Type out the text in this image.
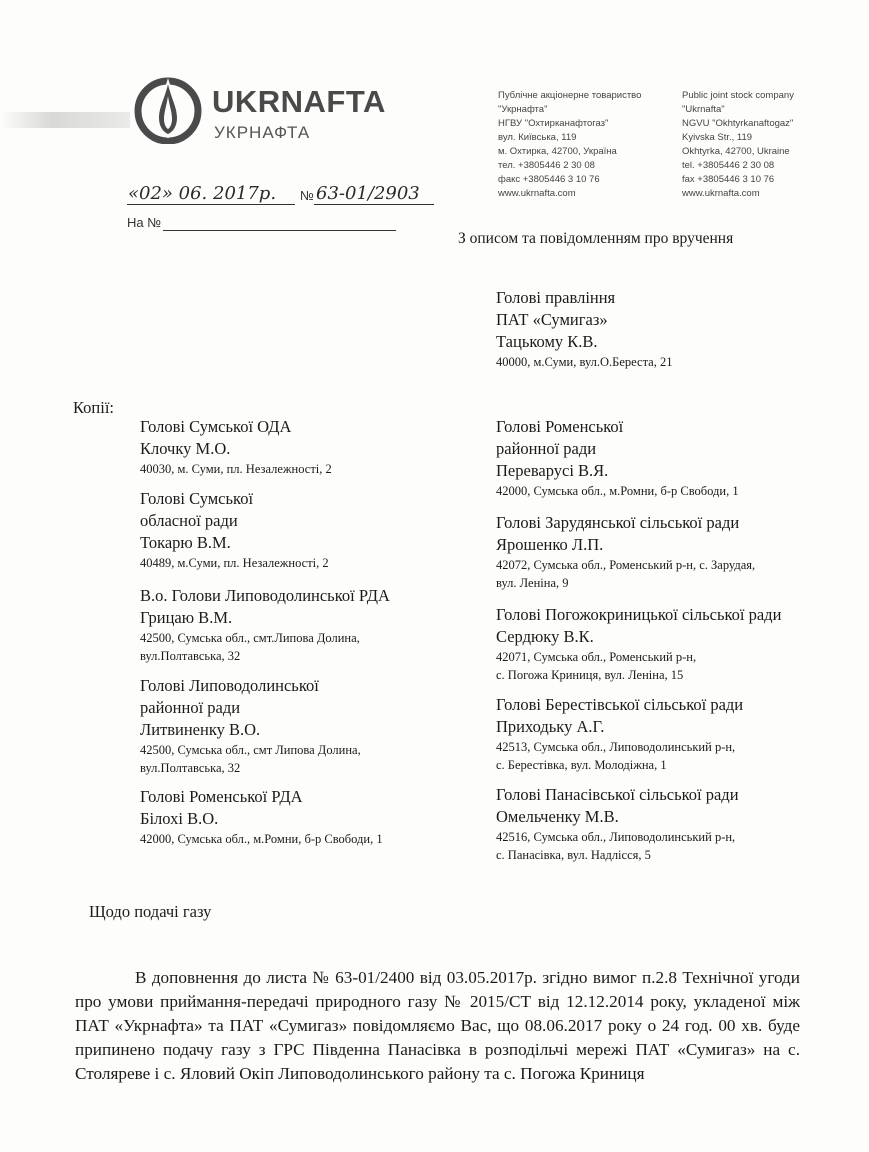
UKRNAFTA
УКРНАФТА
Публічне акціонерне товариство
"Укрнафта"
НГВУ "Охтирканафтогаз"
вул. Київська, 119
м. Охтирка, 42700, Україна
тел. +3805446 2 30 08
факс +3805446 3 10 76
www.ukrnafta.com
Public joint stock company
"Ukrnafta"
NGVU "Okhtyrkanaftogaz"
Kyivska Str., 119
Okhtyrka, 42700, Ukraine
tel. +3805446 2 30 08
fax +3805446 3 10 76
www.ukrnafta.com
«02» 06. 2017р. № 63-01/2903
На №
З описом та повідомленням про вручення
Голові правління
ПАТ «Сумигаз»
Тацькому К.В.
40000, м.Суми, вул.О.Береста, 21
Копії:
Голові Сумської ОДА
Клочку М.О.
40030, м. Суми, пл. Незалежності, 2
Голові Сумської
обласної ради
Токарю В.М.
40489, м.Суми, пл. Незалежності, 2
В.о. Голови Липоводолинської РДА
Грицаю В.М.
42500, Сумська обл., смт.Липова Долина,
вул.Полтавська, 32
Голові Липоводолинської
районної ради
Литвиненку В.О.
42500, Сумська обл., смт Липова Долина,
вул.Полтавська, 32
Голові Роменської РДА
Білохі В.О.
42000, Сумська обл., м.Ромни, б-р Свободи, 1
Голові Роменської
районної ради
Переварусі В.Я.
42000, Сумська обл., м.Ромни, б-р Свободи, 1
Голові Зарудянської сільської ради
Ярошенко Л.П.
42072, Сумська обл., Роменський р-н, с. Зарудая,
вул. Леніна, 9
Голові Погожокриницької сільської ради
Сердюку В.К.
42071, Сумська обл., Роменський р-н,
с. Погожа Криниця, вул. Леніна, 15
Голові Берестівської сільської ради
Приходьку А.Г.
42513, Сумська обл., Липоводолинський р-н,
с. Берестівка, вул. Молодіжна, 1
Голові Панасівської сільської ради
Омельченку М.В.
42516, Сумська обл., Липоводолинський р-н,
с. Панасівка, вул. Надлісся, 5
Щодо подачі газу

В доповнення до листа № 63-01/2400 від 03.05.2017р. згідно вимог п.2.8 Технічної угоди про умови приймання-передачі природного газу № 2015/СТ від 12.12.2014 року, укладеної між ПАТ «Укрнафта» та ПАТ «Сумигаз» повідомляємо Вас, що 08.06.2017 року о 24 год. 00 хв. буде припинено подачу газу з ГРС Південна Панасівка в розподільчі мережі ПАТ «Сумигаз» на с. Столяреве і с. Яловий Окіп Липоводолинського району та с. Погожа Криниця
